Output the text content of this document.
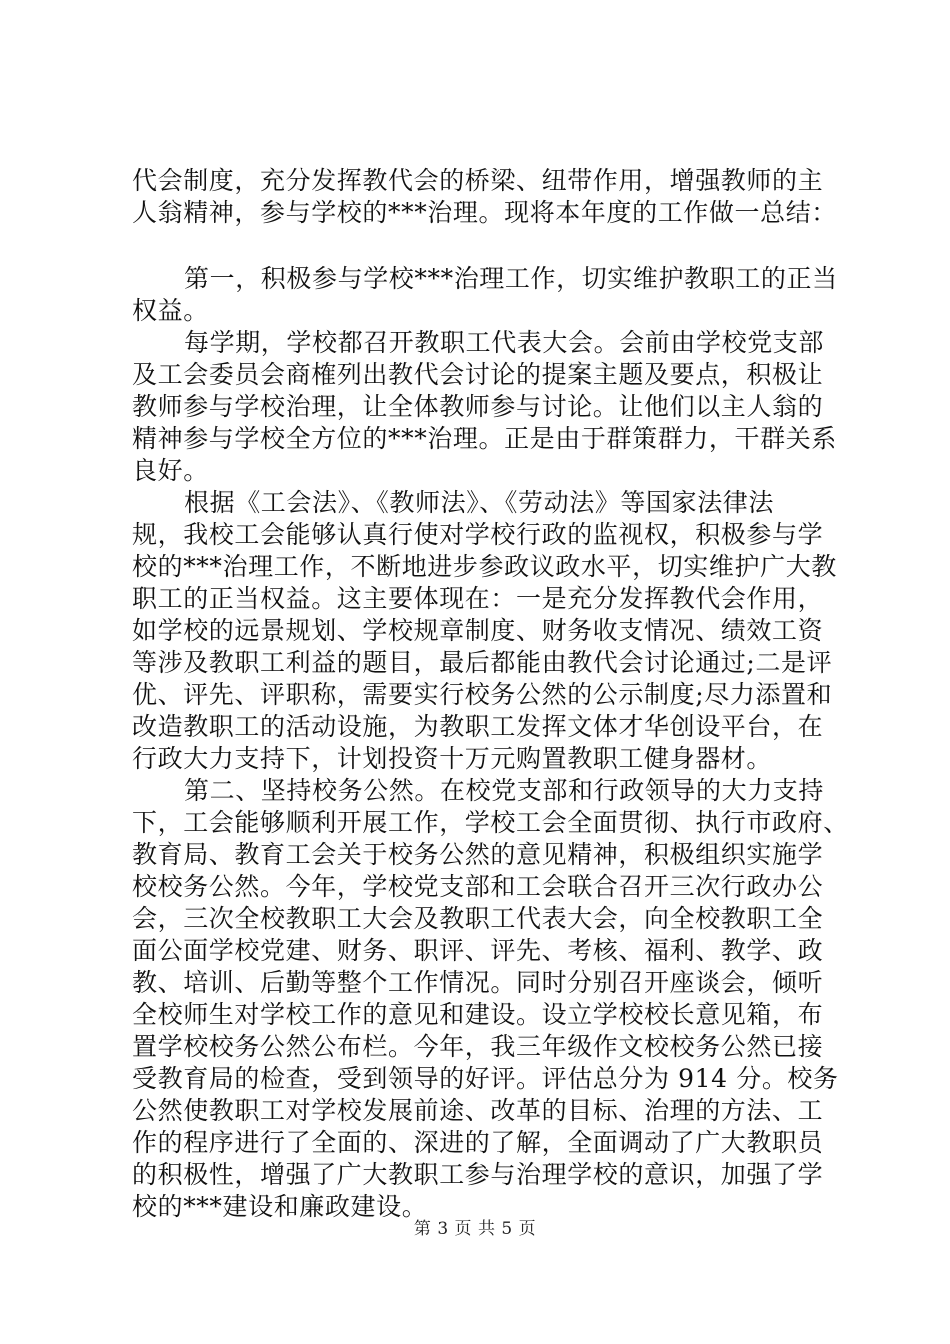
代会制度，充分发挥教代会的桥梁、纽带作用，增强教师的主
人翁精神，参与学校的***治理。现将本年度的工作做一总结：
第一，积极参与学校***治理工作，切实维护教职工的正当
权益。
每学期，学校都召开教职工代表大会。会前由学校党支部
及工会委员会商榷列出教代会讨论的提案主题及要点，积极让
教师参与学校治理，让全体教师参与讨论。让他们以主人翁的
精神参与学校全方位的***治理。正是由于群策群力，干群关系
良好。
根据《工会法》、《教师法》、《劳动法》等国家法律法
规，我校工会能够认真行使对学校行政的监视权，积极参与学
校的***治理工作，不断地进步参政议政水平，切实维护广大教
职工的正当权益。这主要体现在：一是充分发挥教代会作用，
如学校的远景规划、学校规章制度、财务收支情况、绩效工资
等涉及教职工利益的题目，最后都能由教代会讨论通过;二是评
优、评先、评职称，需要实行校务公然的公示制度;尽力添置和
改造教职工的活动设施，为教职工发挥文体才华创设平台，在
行政大力支持下，计划投资十万元购置教职工健身器材。
第二、坚持校务公然。在校党支部和行政领导的大力支持
下，工会能够顺利开展工作，学校工会全面贯彻、执行市政府、
教育局、教育工会关于校务公然的意见精神，积极组织实施学
校校务公然。今年，学校党支部和工会联合召开三次行政办公
会，三次全校教职工大会及教职工代表大会，向全校教职工全
面公面学校党建、财务、职评、评先、考核、福利、教学、政
教、培训、后勤等整个工作情况。同时分别召开座谈会，倾听
全校师生对学校工作的意见和建设。设立学校校长意见箱，布
置学校校务公然公布栏。今年，我三年级作文校校务公然已接
受教育局的检查，受到领导的好评。评估总分为 914 分。校务
公然使教职工对学校发展前途、改革的目标、治理的方法、工
作的程序进行了全面的、深进的了解，全面调动了广大教职员
的积极性，增强了广大教职工参与治理学校的意识，加强了学
校的***建设和廉政建设。
第 3 页 共 5 页
